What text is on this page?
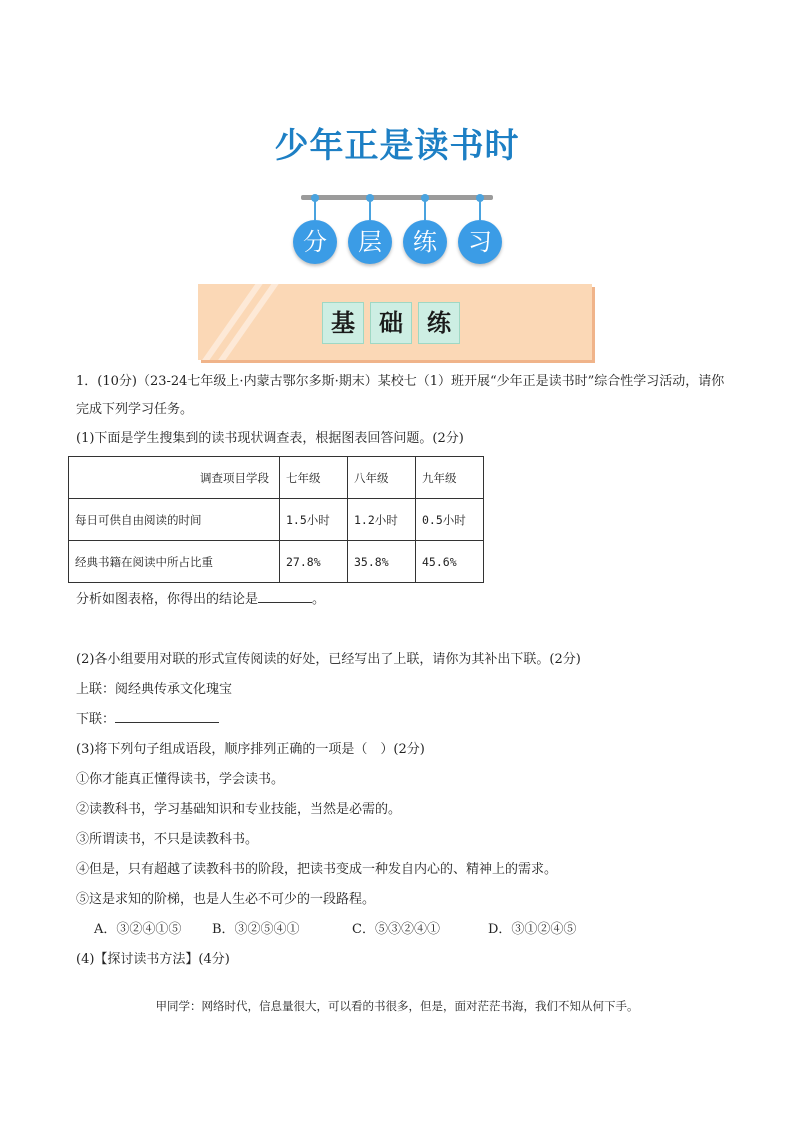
少年正是读书时
分	层	练	习
基	础	练

1．(10分)（23-24七年级上·内蒙古鄂尔多斯·期末）某校七（1）班开展“少年正是读书时”综合性学习活动，请你完成下列学习任务。

(1)下面是学生搜集到的读书现状调查表，根据图表回答问题。(2分)

调查项目学段	七年级	八年级	九年级
每日可供自由阅读的时间	1.5小时	1.2小时	0.5小时
经典书籍在阅读中所占比重	27.8%	35.8%	45.6%

分析如图表格，你得出的结论是	。

(2)各小组要用对联的形式宣传阅读的好处，已经写出了上联，请你为其补出下联。(2分)

上联：阅经典传承文化瑰宝

下联：

(3)将下列句子组成语段，顺序排列正确的一项是（　）(2分)

①你才能真正懂得读书，学会读书。

②读教科书，学习基础知识和专业技能，当然是必需的。

③所谓读书，不只是读教科书。

④但是，只有超越了读教科书的阶段，把读书变成一种发自内心的、精神上的需求。

⑤这是求知的阶梯，也是人生必不可少的一段路程。

A．③②④①⑤ B．③②⑤④①	C．⑤③②④①	D．③①②④⑤

(4)【探讨读书方法】(4分)

甲同学：网络时代，信息量很大，可以看的书很多，但是，面对茫茫书海，我们不知从何下手。
